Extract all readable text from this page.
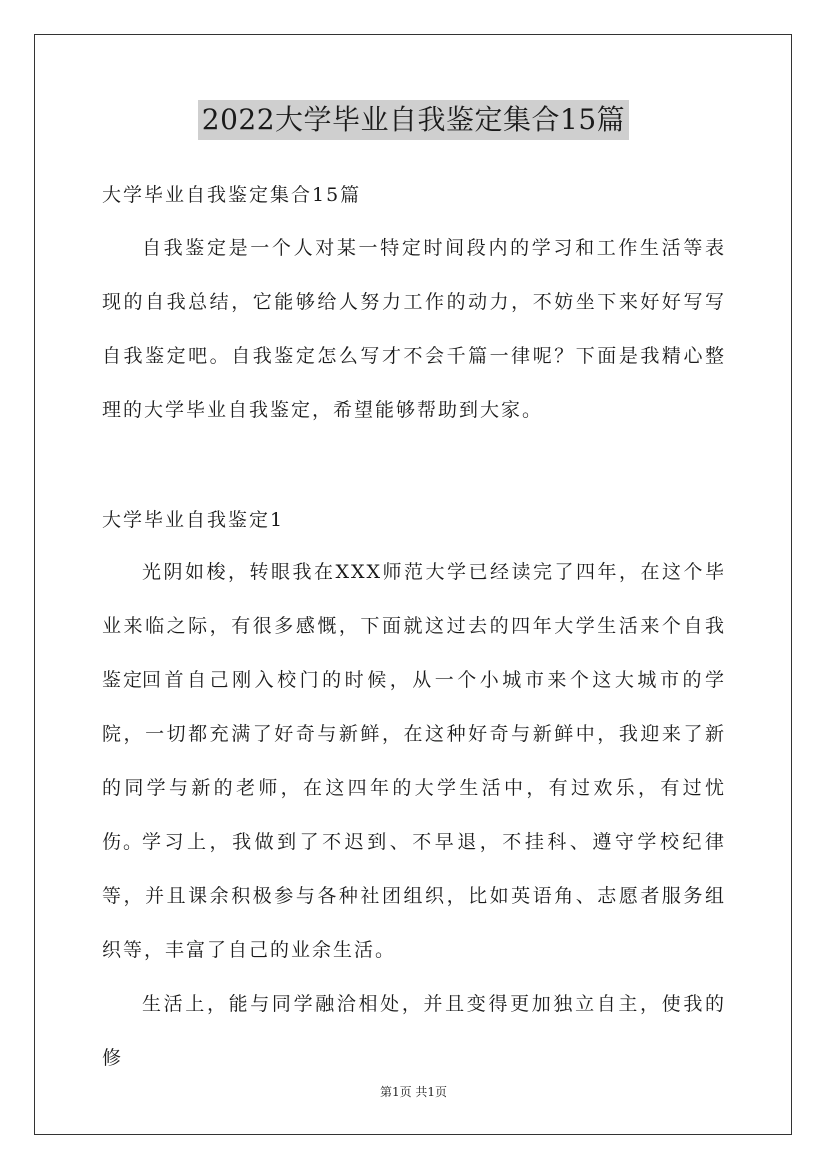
2022大学毕业自我鉴定集合15篇

大学毕业自我鉴定集合15篇

自我鉴定是一个人对某一特定时间段内的学习和工作生活等表现的自我总结，它能够给人努力工作的动力，不妨坐下来好好写写自我鉴定吧。自我鉴定怎么写才不会千篇一律呢？下面是我精心整理的大学毕业自我鉴定，希望能够帮助到大家。

大学毕业自我鉴定1

光阴如梭，转眼我在XXX师范大学已经读完了四年，在这个毕业来临之际，有很多感慨，下面就这过去的四年大学生活来个自我鉴定

回首自己刚入校门的时候，从一个小城市来个这大城市的学院，一切都充满了好奇与新鲜，在这种好奇与新鲜中，我迎来了新的同学与新的老师，在这四年的大学生活中，有过欢乐，有过忧伤。

学习上，我做到了不迟到、不早退，不挂科、遵守学校纪律等，并且课余积极参与各种社团组织，比如英语角、志愿者服务组织等，丰富了自己的业余生活。

生活上，能与同学融洽相处，并且变得更加独立自主，使我的修

第1页 共1页
